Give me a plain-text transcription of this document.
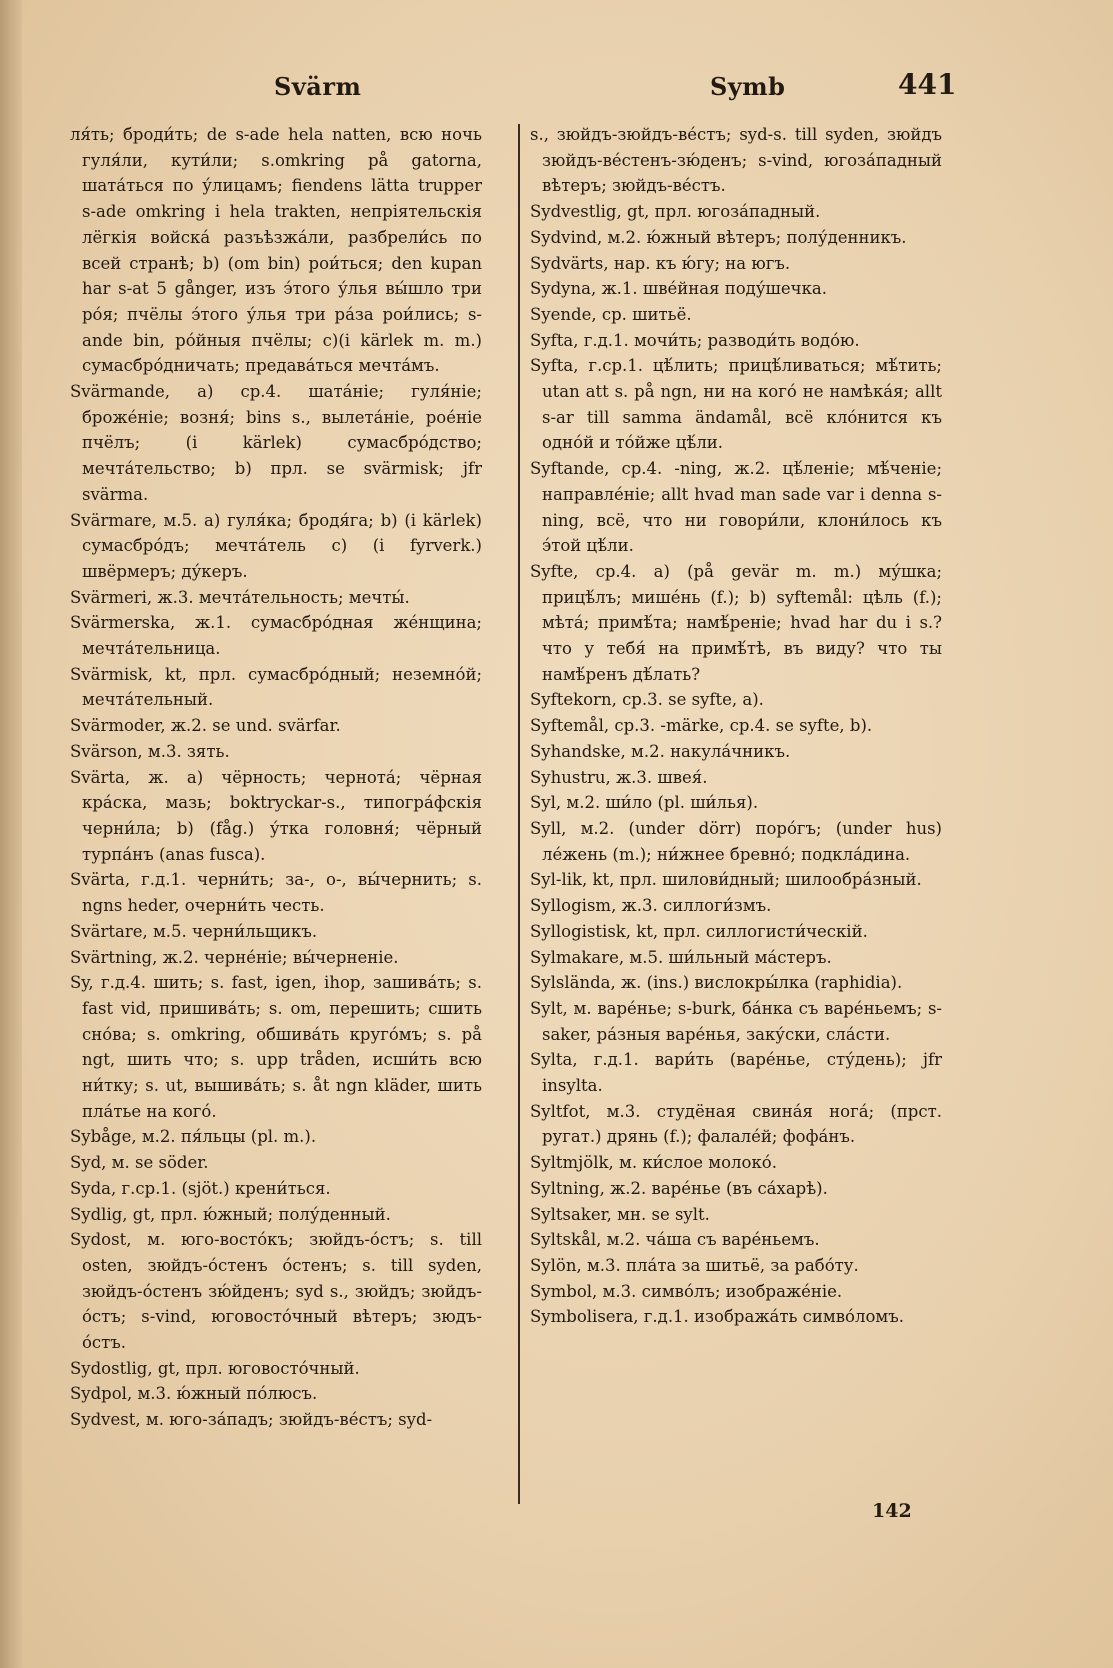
Svärm	Symb	441

ля́ть; броди́ть; de s-ade hela natten, всю ночь гуля́ли, кути́ли; s.omkring på gatorna, шата́ться по у́лицамъ; fiendens lätta trupper s-ade omkring i hela trakten, непріятельскія лёгкія войска́ разъѣзжа́ли, разбрели́сь по всей странѣ; b) (om bin) рои́ться; den kupan har s-at 5 gånger, изъ э́того у́лья вы́шло три ро́я; пчёлы э́того у́лья три ра́за рои́лись; s-ande bin, ро́йныя пчёлы; c)(i kärlek m. m.) сумасбро́дничать; предава́ться мечта́мъ.

Svärmande, a) ср.4. шата́ніе; гуля́ніе; броже́ніе; возня́; bins s., вылета́ніе, рое́ніе пчёлъ; (i kärlek) сумасбро́дство; мечта́тельство; b) прл. se svärmisk; jfr svärma.

Svärmare, м.5. a) гуля́ка; бродя́га; b) (i kärlek) сумасбро́дъ; мечта́тель c) (i fyrverk.) швёрмеръ; ду́керъ.

Svärmeri, ж.3. мечта́тельность; мечты́.

Svärmerska, ж.1. сумасбро́дная же́нщина; мечта́тельница.

Svärmisk, kt, прл. сумасбро́дный; неземно́й; мечта́тельный.

Svärmoder, ж.2. se und. svärfar.

Svärson, м.3. зять.

Svärta, ж. a) чёрность; чернота́; чёрная кра́ска, мазь; boktryckar-s., типогра́фскія черни́ла; b) (fåg.) у́тка головня́; чёрный турпа́нъ (anas fusca).

Svärta, г.д.1. черни́ть; за-, о-, вы́чернить; s. ngns heder, очерни́ть честь.

Svärtare, м.5. черни́льщикъ.

Svärtning, ж.2. черне́ніе; вы́черненіе.

Sy, г.д.4. шить; s. fast, igen, ihop, зашива́ть; s. fast vid, пришива́ть; s. om, перешить; сшить сно́ва; s. omkring, обшива́ть круго́мъ; s. på ngt, шить что; s. upp tråden, исши́ть всю ни́тку; s. ut, вышива́ть; s. åt ngn kläder, шить пла́тье на кого́.

Sybåge, м.2. пя́льцы (pl. m.).

Syd, м. se söder.

Syda, г.ср.1. (sjöt.) крени́ться.

Sydlig, gt, прл. ю́жный; полу́денный.

Sydost, м. юго-восто́къ; зюйдъ-о́стъ; s. till osten, зюйдъ-о́стенъ о́стенъ; s. till syden, зюйдъ-о́стенъ зю́йденъ; syd s., зюйдъ; зюйдъ-о́стъ; s-vind, юговосто́чный вѣтеръ; зюдъ-о́стъ.

Sydostlig, gt, прл. юговосто́чный.

Sydpol, м.3. ю́жный по́люсъ.

Sydvest, м. юго-за́падъ; зюйдъ-ве́стъ; syd-

s., зюйдъ-зюйдъ-ве́стъ; syd-s. till syden, зюйдъ зюйдъ-ве́стенъ-зю́денъ; s-vind, югоза́падный вѣтеръ; зюйдъ-ве́стъ.

Sydvestlig, gt, прл. югоза́падный.

Sydvind, м.2. ю́жный вѣтеръ; полу́денникъ.

Sydvärts, нар. къ ю́гу; на югъ.

Sydyna, ж.1. шве́йная поду́шечка.

Syende, ср. шитьё.

Syfta, г.д.1. мочи́ть; разводи́ть водо́ю.

Syfta, г.ср.1. цѣ́лить; прицѣ́ливаться; мѣ́тить; utan att s. på ngn, ни на кого́ не намѣка́я; allt s-ar till samma ändamål, всё кло́нится къ одно́й и то́йже цѣ́ли.

Syftande, ср.4. -ning, ж.2. цѣ́леніе; мѣ́ченіе; направле́ніе; allt hvad man sade var i denna s-ning, всё, что ни говори́ли, клони́лось къ э́той цѣ́ли.

Syfte, ср.4. a) (på gevär m. m.) му́шка; прицѣ́лъ; мишéнь (f.); b) syftemål: цѣль (f.); мѣта́; примѣ́та; намѣ́реніе; hvad har du i s.? что у тебя́ на примѣ́тѣ, въ виду? что ты намѣ́ренъ дѣ́лать?

Syftekorn, ср.3. se syfte, a).

Syftemål, ср.3. -märke, ср.4. se syfte, b).

Syhandske, м.2. накула́чникъ.

Syhustru, ж.3. швея́.

Syl, м.2. ши́ло (pl. ши́лья).

Syll, м.2. (under dörr) поро́гъ; (under hus) ле́жень (m.); ни́жнее бревно́; подкла́дина.

Syl-lik, kt, прл. шилови́дный; шилообра́зный.

Syllogism, ж.3. силлоги́змъ.

Syllogistisk, kt, прл. силлогисти́ческій.

Sylmakare, м.5. ши́льный ма́стеръ.

Sylslända, ж. (ins.) вислокры́лка (raphidia).

Sylt, м. варе́нье; s-burk, ба́нка съ варе́ньемъ; s-saker, ра́зныя варе́нья, заку́ски, сла́сти.

Sylta, г.д.1. вари́ть (варе́нье, сту́день); jfr insylta.

Syltfot, м.3. студёная свина́я нога́; (прст. ругат.) дрянь (f.); фалале́й; фофа́нъ.

Syltmjölk, м. ки́слое молоко́.

Syltning, ж.2. варе́нье (въ са́харѣ).

Syltsaker, мн. se sylt.

Syltskål, м.2. ча́ша съ варе́ньемъ.

Sylön, м.3. пла́та за шитьё, за рабо́ту.

Symbol, м.3. симво́лъ; изображе́ніе.

Symbolisera, г.д.1. изобража́ть симво́ломъ.

142
